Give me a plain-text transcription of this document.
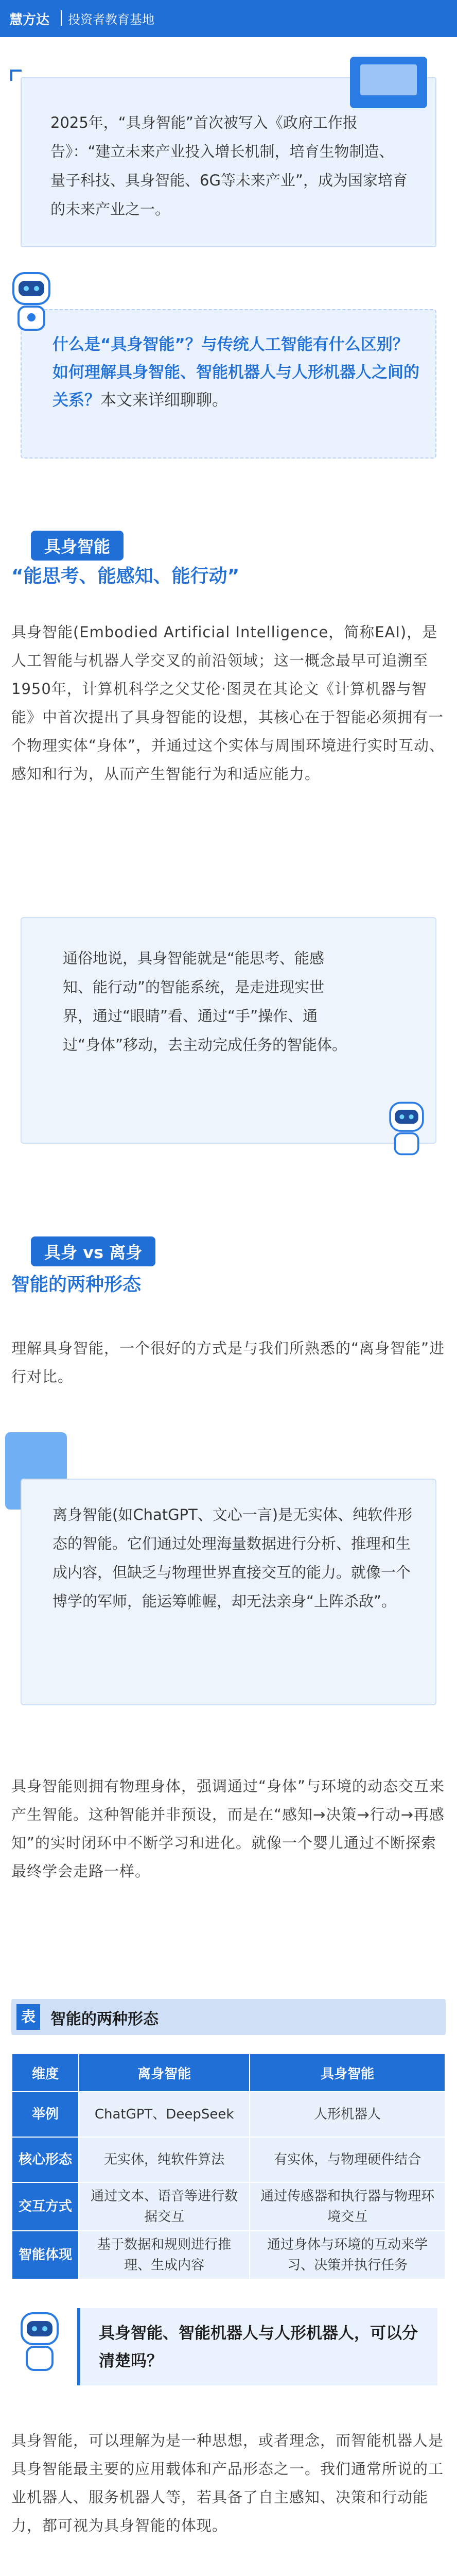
慧方达 投资者教育基地

2025年，“具身智能”首次被写入《政府工作报告》：“建立未来产业投入增长机制，培育生物制造、量子科技、具身智能、6G等未来产业”，成为国家培育的未来产业之一。

什么是“具身智能”？与传统人工智能有什么区别？如何理解具身智能、智能机器人与人形机器人之间的关系？本文来详细聊聊。

具身智能
“能思考、能感知、能行动”

具身智能(Embodied Artificial Intelligence，简称EAI)，是人工智能与机器人学交叉的前沿领域；这一概念最早可追溯至1950年，计算机科学之父艾伦·图灵在其论文《计算机器与智能》中首次提出了具身智能的设想，其核心在于智能必须拥有一个物理实体“身体”，并通过这个实体与周围环境进行实时互动、感知和行为，从而产生智能行为和适应能力。

通俗地说，具身智能就是“能思考、能感知、能行动”的智能系统，是走进现实世界，通过“眼睛”看、通过“手”操作、通过“身体”移动，去主动完成任务的智能体。

具身 vs 离身
智能的两种形态

理解具身智能，一个很好的方式是与我们所熟悉的“离身智能”进行对比。

离身智能(如ChatGPT、文心一言)是无实体、纯软件形态的智能。它们通过处理海量数据进行分析、推理和生成内容，但缺乏与物理世界直接交互的能力。就像一个博学的军师，能运筹帷幄，却无法亲身“上阵杀敌”。

具身智能则拥有物理身体，强调通过“身体”与环境的动态交互来产生智能。这种智能并非预设，而是在“感知→决策→行动→再感知”的实时闭环中不断学习和进化。就像一个婴儿通过不断探索最终学会走路一样。

表 智能的两种形态
维度	离身智能	具身智能
举例	ChatGPT、DeepSeek	人形机器人
核心形态	无实体，纯软件算法	有实体，与物理硬件结合
交互方式	通过文本、语音等进行数据交互	通过传感器和执行器与物理环境交互
智能体现	基于数据和规则进行推理、生成内容	通过身体与环境的互动来学习、决策并执行任务

具身智能、智能机器人与人形机器人，可以分清楚吗？

具身智能，可以理解为是一种思想，或者理念，而智能机器人是具身智能最主要的应用载体和产品形态之一。我们通常所说的工业机器人、服务机器人等，若具备了自主感知、决策和行动能力，都可视为具身智能的体现。
